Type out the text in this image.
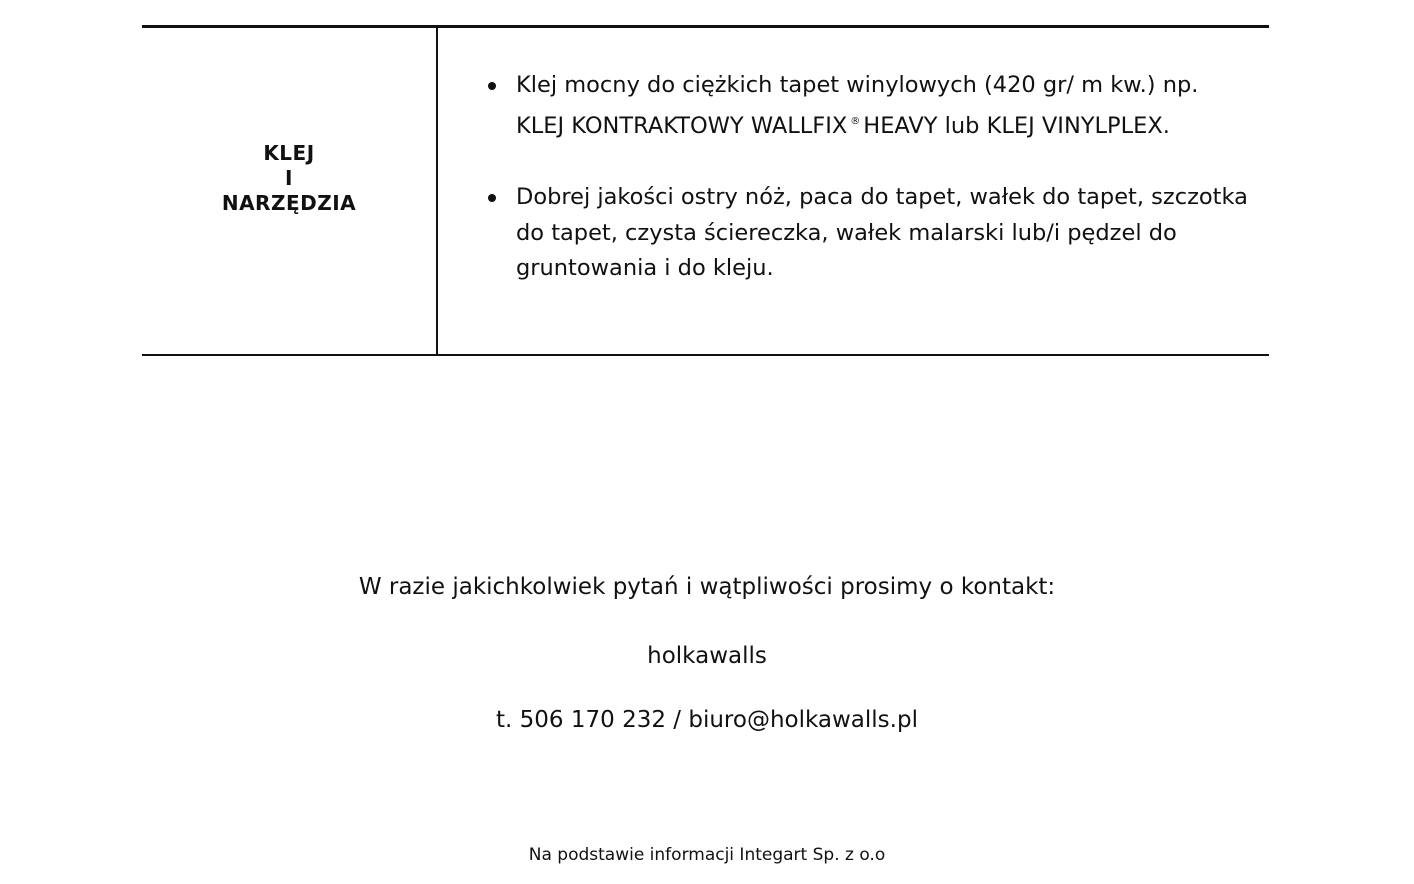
KLEJ
I
NARZĘDZIA
Klej mocny do ciężkich tapet winylowych (420 gr/ m kw.) np. KLEJ KONTRAKTOWY WALLFIX ® HEAVY lub KLEJ VINYLPLEX.
Dobrej jakości ostry nóż, paca do tapet, wałek do tapet, szczotka do tapet, czysta ściereczka, wałek malarski lub/i pędzel do gruntowania i do kleju.
W razie jakichkolwiek pytań i wątpliwości prosimy o kontakt:
holkawalls
t. 506 170 232 / biuro@holkawalls.pl
Na podstawie informacji Integart Sp. z o.o
